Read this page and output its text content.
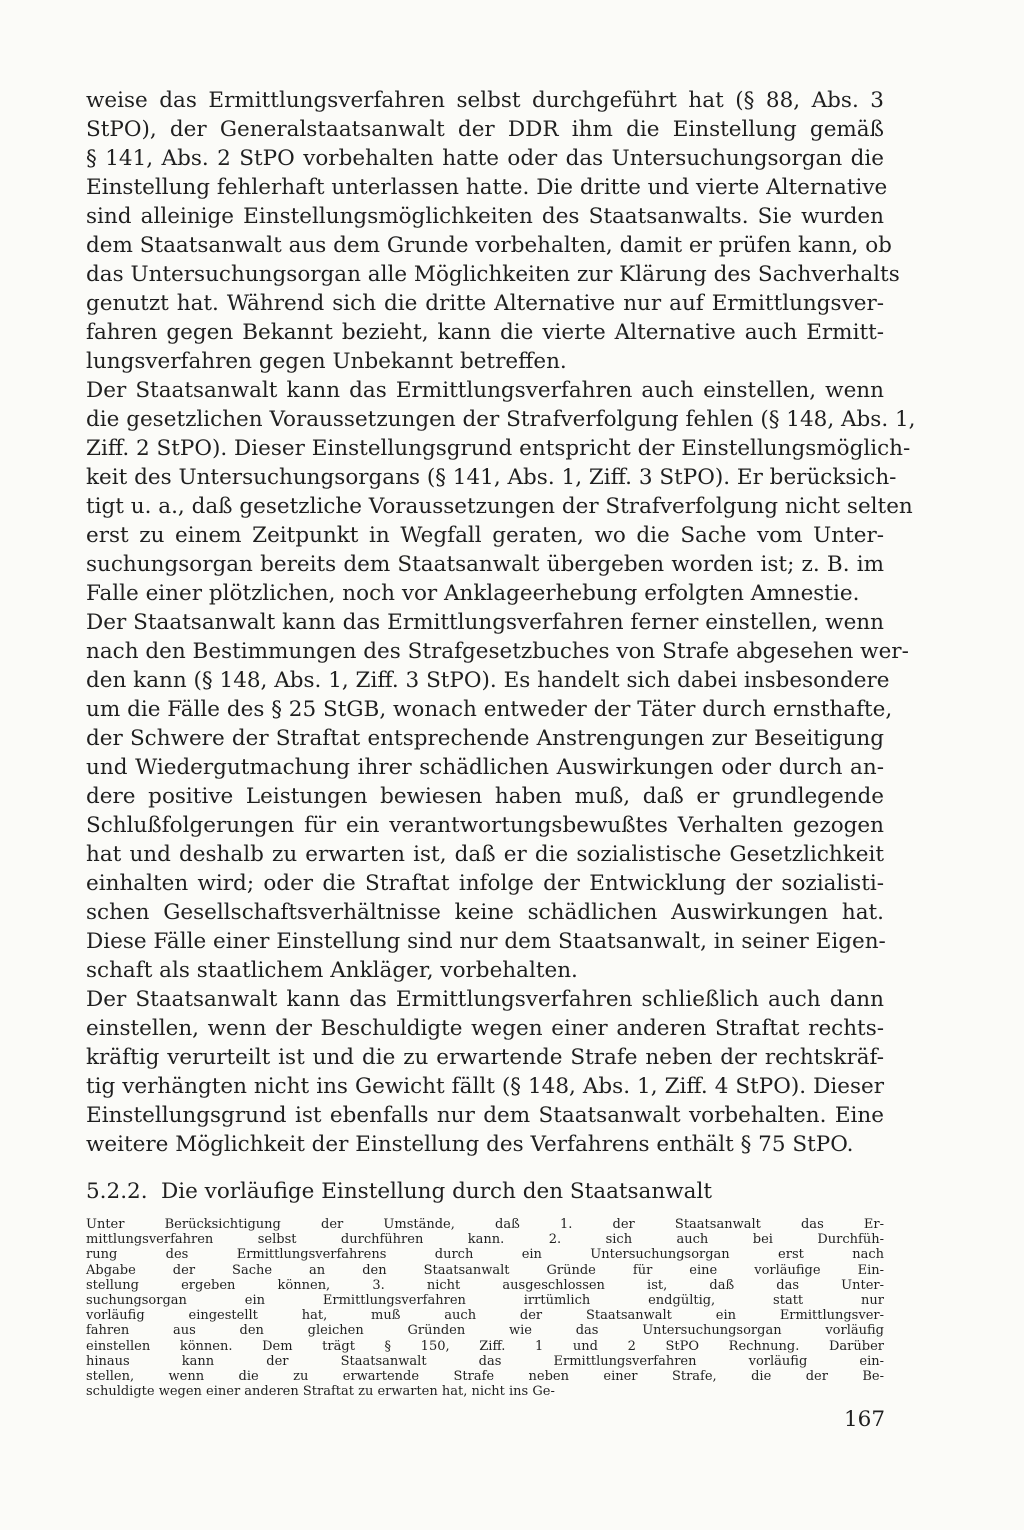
weise das Ermittlungsverfahren selbst durchgeführt hat (§ 88, Abs. 3
StPO), der Generalstaatsanwalt der DDR ihm die Einstellung gemäß
§ 141, Abs. 2 StPO vorbehalten hatte oder das Untersuchungsorgan die
Einstellung fehlerhaft unterlassen hatte. Die dritte und vierte Alternative
sind alleinige Einstellungsmöglichkeiten des Staatsanwalts. Sie wurden
dem Staatsanwalt aus dem Grunde vorbehalten, damit er prüfen kann, ob
das Untersuchungsorgan alle Möglichkeiten zur Klärung des Sachverhalts
genutzt hat. Während sich die dritte Alternative nur auf Ermittlungsver-
fahren gegen Bekannt bezieht, kann die vierte Alternative auch Ermitt-
lungsverfahren gegen Unbekannt betreffen.
Der Staatsanwalt kann das Ermittlungsverfahren auch einstellen, wenn
die gesetzlichen Voraussetzungen der Strafverfolgung fehlen (§ 148, Abs. 1,
Ziff. 2 StPO). Dieser Einstellungsgrund entspricht der Einstellungsmöglich-
keit des Untersuchungsorgans (§ 141, Abs. 1, Ziff. 3 StPO). Er berücksich-
tigt u. a., daß gesetzliche Voraussetzungen der Strafverfolgung nicht selten
erst zu einem Zeitpunkt in Wegfall geraten, wo die Sache vom Unter-
suchungsorgan bereits dem Staatsanwalt übergeben worden ist; z. B. im
Falle einer plötzlichen, noch vor Anklageerhebung erfolgten Amnestie.
Der Staatsanwalt kann das Ermittlungsverfahren ferner einstellen, wenn
nach den Bestimmungen des Strafgesetzbuches von Strafe abgesehen wer-
den kann (§ 148, Abs. 1, Ziff. 3 StPO). Es handelt sich dabei insbesondere
um die Fälle des § 25 StGB, wonach entweder der Täter durch ernsthafte,
der Schwere der Straftat entsprechende Anstrengungen zur Beseitigung
und Wiedergutmachung ihrer schädlichen Auswirkungen oder durch an-
dere positive Leistungen bewiesen haben muß, daß er grundlegende
Schlußfolgerungen für ein verantwortungsbewußtes Verhalten gezogen
hat und deshalb zu erwarten ist, daß er die sozialistische Gesetzlichkeit
einhalten wird; oder die Straftat infolge der Entwicklung der sozialisti-
schen Gesellschaftsverhältnisse keine schädlichen Auswirkungen hat.
Diese Fälle einer Einstellung sind nur dem Staatsanwalt, in seiner Eigen-
schaft als staatlichem Ankläger, vorbehalten.
Der Staatsanwalt kann das Ermittlungsverfahren schließlich auch dann
einstellen, wenn der Beschuldigte wegen einer anderen Straftat rechts-
kräftig verurteilt ist und die zu erwartende Strafe neben der rechtskräf-
tig verhängten nicht ins Gewicht fällt (§ 148, Abs. 1, Ziff. 4 StPO). Dieser
Einstellungsgrund ist ebenfalls nur dem Staatsanwalt vorbehalten. Eine
weitere Möglichkeit der Einstellung des Verfahrens enthält § 75 StPO.
5.2.2. Die vorläufige Einstellung durch den Staatsanwalt
Unter Berücksichtigung der Umstände, daß 1. der Staatsanwalt das Er-
mittlungsverfahren selbst durchführen kann. 2. sich auch bei Durchfüh-
rung des Ermittlungsverfahrens durch ein Untersuchungsorgan erst nach
Abgabe der Sache an den Staatsanwalt Gründe für eine vorläufige Ein-
stellung ergeben können, 3. nicht ausgeschlossen ist, daß das Unter-
suchungsorgan ein Ermittlungsverfahren irrtümlich endgültig, statt nur
vorläufig eingestellt hat, muß auch der Staatsanwalt ein Ermittlungsver-
fahren aus den gleichen Gründen wie das Untersuchungsorgan vorläufig
einstellen können. Dem trägt § 150, Ziff. 1 und 2 StPO Rechnung. Darüber
hinaus kann der Staatsanwalt das Ermittlungsverfahren vorläufig ein-
stellen, wenn die zu erwartende Strafe neben einer Strafe, die der Be-
schuldigte wegen einer anderen Straftat zu erwarten hat, nicht ins Ge-
167
